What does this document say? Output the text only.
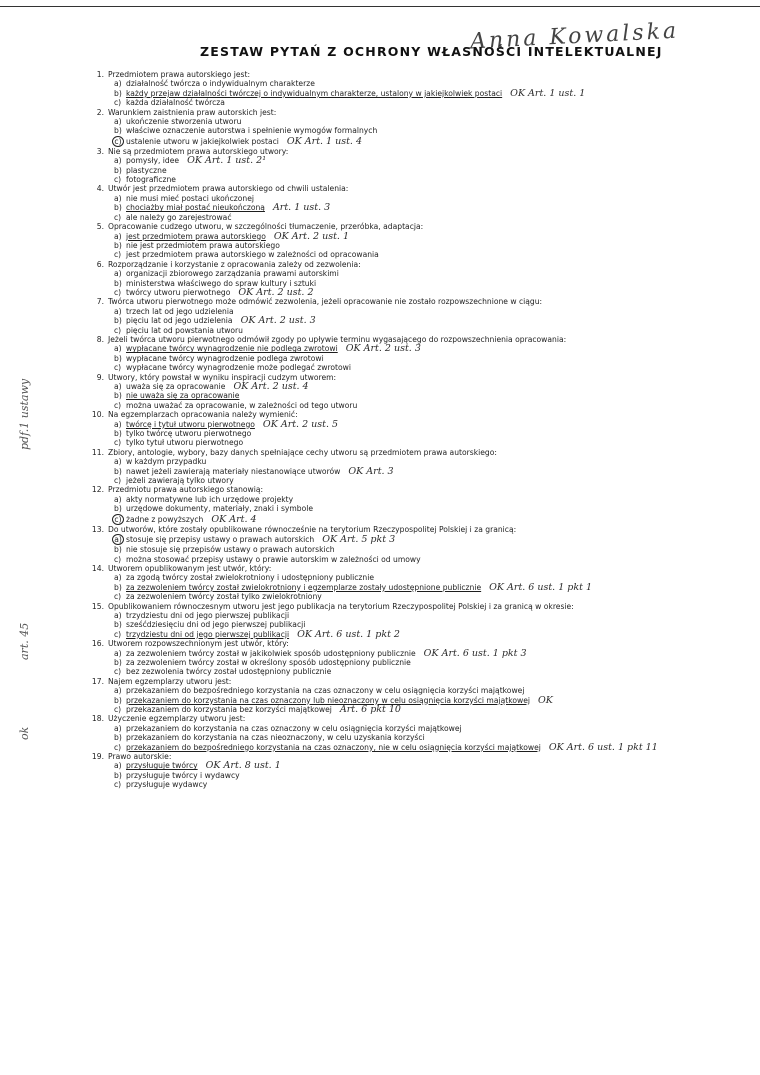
Anna Kowalska
ZESTAW PYTAŃ Z OCHRONY WŁASNOŚCI INTELEKTUALNEJ
pdf.1 ustawy
art. 45
ok
1. Przedmiotem prawa autorskiego jest:
a) działalność twórcza o indywidualnym charakterze
b) każdy przejaw działalności twórczej o indywidualnym charakterze, ustalony w jakiejkolwiek postaci OK Art. 1 ust. 1
c) każda działalność twórcza
2. Warunkiem zaistnienia praw autorskich jest:
a) ukończenie stworzenia utworu
b) właściwe oznaczenie autorstwa i spełnienie wymogów formalnych
c) ustalenie utworu w jakiejkolwiek postaci OK Art. 1 ust. 4
3. Nie są przedmiotem prawa autorskiego utwory:
a) pomysły, idee OK Art. 1 ust. 2¹
b) plastyczne
c) fotograficzne
4. Utwór jest przedmiotem prawa autorskiego od chwili ustalenia:
a) nie musi mieć postaci ukończonej
b) chociażby miał postać nieukończoną Art. 1 ust. 3
c) ale należy go zarejestrować
5. Opracowanie cudzego utworu, w szczególności tłumaczenie, przeróbka, adaptacja:
a) jest przedmiotem prawa autorskiego OK Art. 2 ust. 1
b) nie jest przedmiotem prawa autorskiego
c) jest przedmiotem prawa autorskiego w zależności od opracowania
6. Rozporządzanie i korzystanie z opracowania zależy od zezwolenia:
a) organizacji zbiorowego zarządzania prawami autorskimi
b) ministerstwa właściwego do spraw kultury i sztuki
c) twórcy utworu pierwotnego OK Art. 2 ust. 2
7. Twórca utworu pierwotnego może odmówić zezwolenia, jeżeli opracowanie nie zostało rozpowszechnione w ciągu:
a) trzech lat od jego udzielenia
b) pięciu lat od jego udzielenia OK Art. 2 ust. 3
c) pięciu lat od powstania utworu
8. Jeżeli twórca utworu pierwotnego odmówił zgody po upływie terminu wygasającego do rozpowszechnienia opracowania:
a) wypłacane twórcy wynagrodzenie nie podlega zwrotowi OK Art. 2 ust. 3
b) wypłacane twórcy wynagrodzenie podlega zwrotowi
c) wypłacane twórcy wynagrodzenie może podlegać zwrotowi
9. Utwory, który powstał w wyniku inspiracji cudzym utworem:
a) uważa się za opracowanie OK Art. 2 ust. 4
b) nie uważa się za opracowanie
c) można uważać za opracowanie, w zależności od tego utworu
10. Na egzemplarzach opracowania należy wymienić:
a) twórcę i tytuł utworu pierwotnego OK Art. 2 ust. 5
b) tylko twórcę utworu pierwotnego
c) tylko tytuł utworu pierwotnego
11. Zbiory, antologie, wybory, bazy danych spełniające cechy utworu są przedmiotem prawa autorskiego:
a) w każdym przypadku
b) nawet jeżeli zawierają materiały niestanowiące utworów OK Art. 3
c) jeżeli zawierają tylko utwory
12. Przedmiotu prawa autorskiego stanowią:
a) akty normatywne lub ich urzędowe projekty
b) urzędowe dokumenty, materiały, znaki i symbole
c) żadne z powyższych OK Art. 4
13. Do utworów, które zostały opublikowane równocześnie na terytorium Rzeczypospolitej Polskiej i za granicą:
a) stosuje się przepisy ustawy o prawach autorskich OK Art. 5 pkt 3
b) nie stosuje się przepisów ustawy o prawach autorskich
c) można stosować przepisy ustawy o prawie autorskim w zależności od umowy
14. Utworem opublikowanym jest utwór, który:
a) za zgodą twórcy został zwielokrotniony i udostępniony publicznie
b) za zezwoleniem twórcy został zwielokrotniony i egzemplarze zostały udostępnione publicznie OK Art. 6 ust. 1 pkt 1
c) za zezwoleniem twórcy został tylko zwielokrotniony
15. Opublikowaniem równoczesnym utworu jest jego publikacja na terytorium Rzeczypospolitej Polskiej i za granicą w okresie:
a) trzydziestu dni od jego pierwszej publikacji
b) sześćdziesięciu dni od jego pierwszej publikacji
c) trzydziestu dni od jego pierwszej publikacji OK Art. 6 ust. 1 pkt 2
16. Utworem rozpowszechnionym jest utwór, który:
a) za zezwoleniem twórcy został w jakikolwiek sposób udostępniony publicznie OK Art. 6 ust. 1 pkt 3
b) za zezwoleniem twórcy został w określony sposób udostępniony publicznie
c) bez zezwolenia twórcy został udostępniony publicznie
17. Najem egzemplarzy utworu jest:
a) przekazaniem do bezpośredniego korzystania na czas oznaczony w celu osiągnięcia korzyści majątkowej
b) przekazaniem do korzystania na czas oznaczony lub nieoznaczony w celu osiągnięcia korzyści majątkowej OK
c) przekazaniem do korzystania bez korzyści majątkowej Art. 6 pkt 10
18. Użyczenie egzemplarzy utworu jest:
a) przekazaniem do korzystania na czas oznaczony w celu osiągnięcia korzyści majątkowej
b) przekazaniem do korzystania na czas nieoznaczony, w celu uzyskania korzyści
c) przekazaniem do bezpośredniego korzystania na czas oznaczony, nie w celu osiągnięcia korzyści majątkowej OK Art. 6 ust. 1 pkt 11
19. Prawo autorskie:
a) przysługuje twórcy OK Art. 8 ust. 1
b) przysługuje twórcy i wydawcy
c) przysługuje wydawcy
